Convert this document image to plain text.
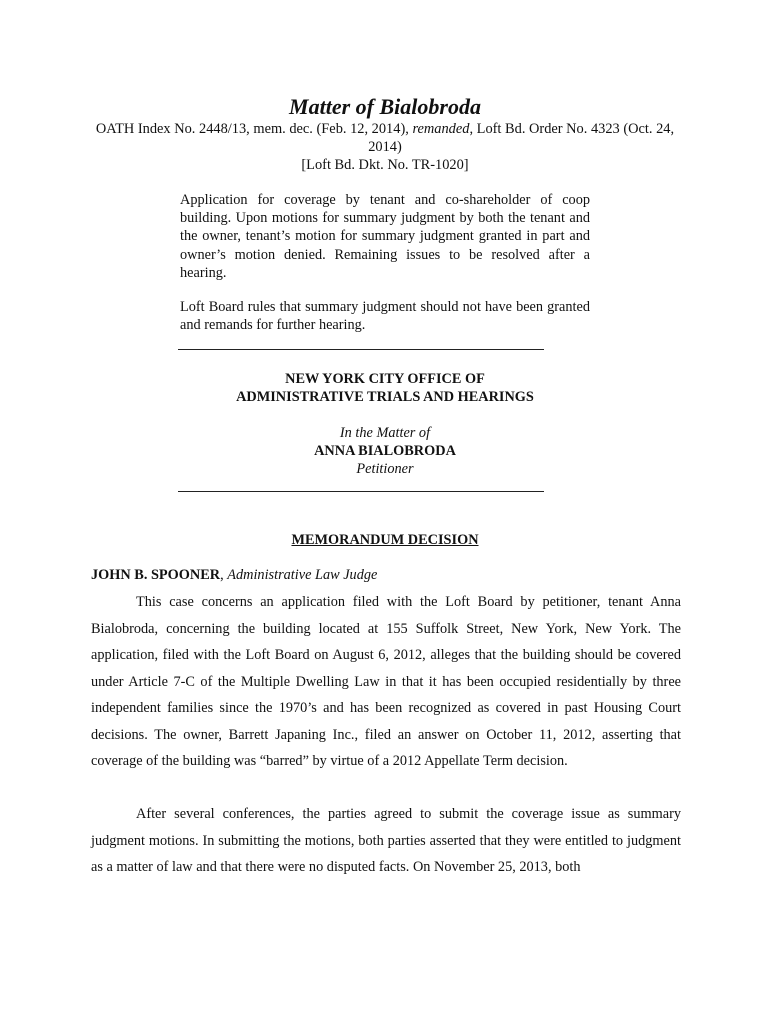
Matter of Bialobroda
OATH Index No. 2448/13, mem. dec. (Feb. 12, 2014), remanded, Loft Bd. Order No. 4323 (Oct. 24, 2014)
[Loft Bd. Dkt. No. TR-1020]

Application for coverage by tenant and co-shareholder of coop building. Upon motions for summary judgment by both the tenant and the owner, tenant’s motion for summary judgment granted in part and owner’s motion denied. Remaining issues to be resolved after a hearing.

Loft Board rules that summary judgment should not have been granted and remands for further hearing.

NEW YORK CITY OFFICE OF
ADMINISTRATIVE TRIALS AND HEARINGS
In the Matter of
ANNA BIALOBRODA
Petitioner
MEMORANDUM DECISION
JOHN B. SPOONER, Administrative Law Judge

This case concerns an application filed with the Loft Board by petitioner, tenant Anna Bialobroda, concerning the building located at 155 Suffolk Street, New York, New York. The application, filed with the Loft Board on August 6, 2012, alleges that the building should be covered under Article 7-C of the Multiple Dwelling Law in that it has been occupied residentially by three independent families since the 1970’s and has been recognized as covered in past Housing Court decisions. The owner, Barrett Japaning Inc., filed an answer on October 11, 2012, asserting that coverage of the building was “barred” by virtue of a 2012 Appellate Term decision.

After several conferences, the parties agreed to submit the coverage issue as summary judgment motions. In submitting the motions, both parties asserted that they were entitled to judgment as a matter of law and that there were no disputed facts. On November 25, 2013, both
